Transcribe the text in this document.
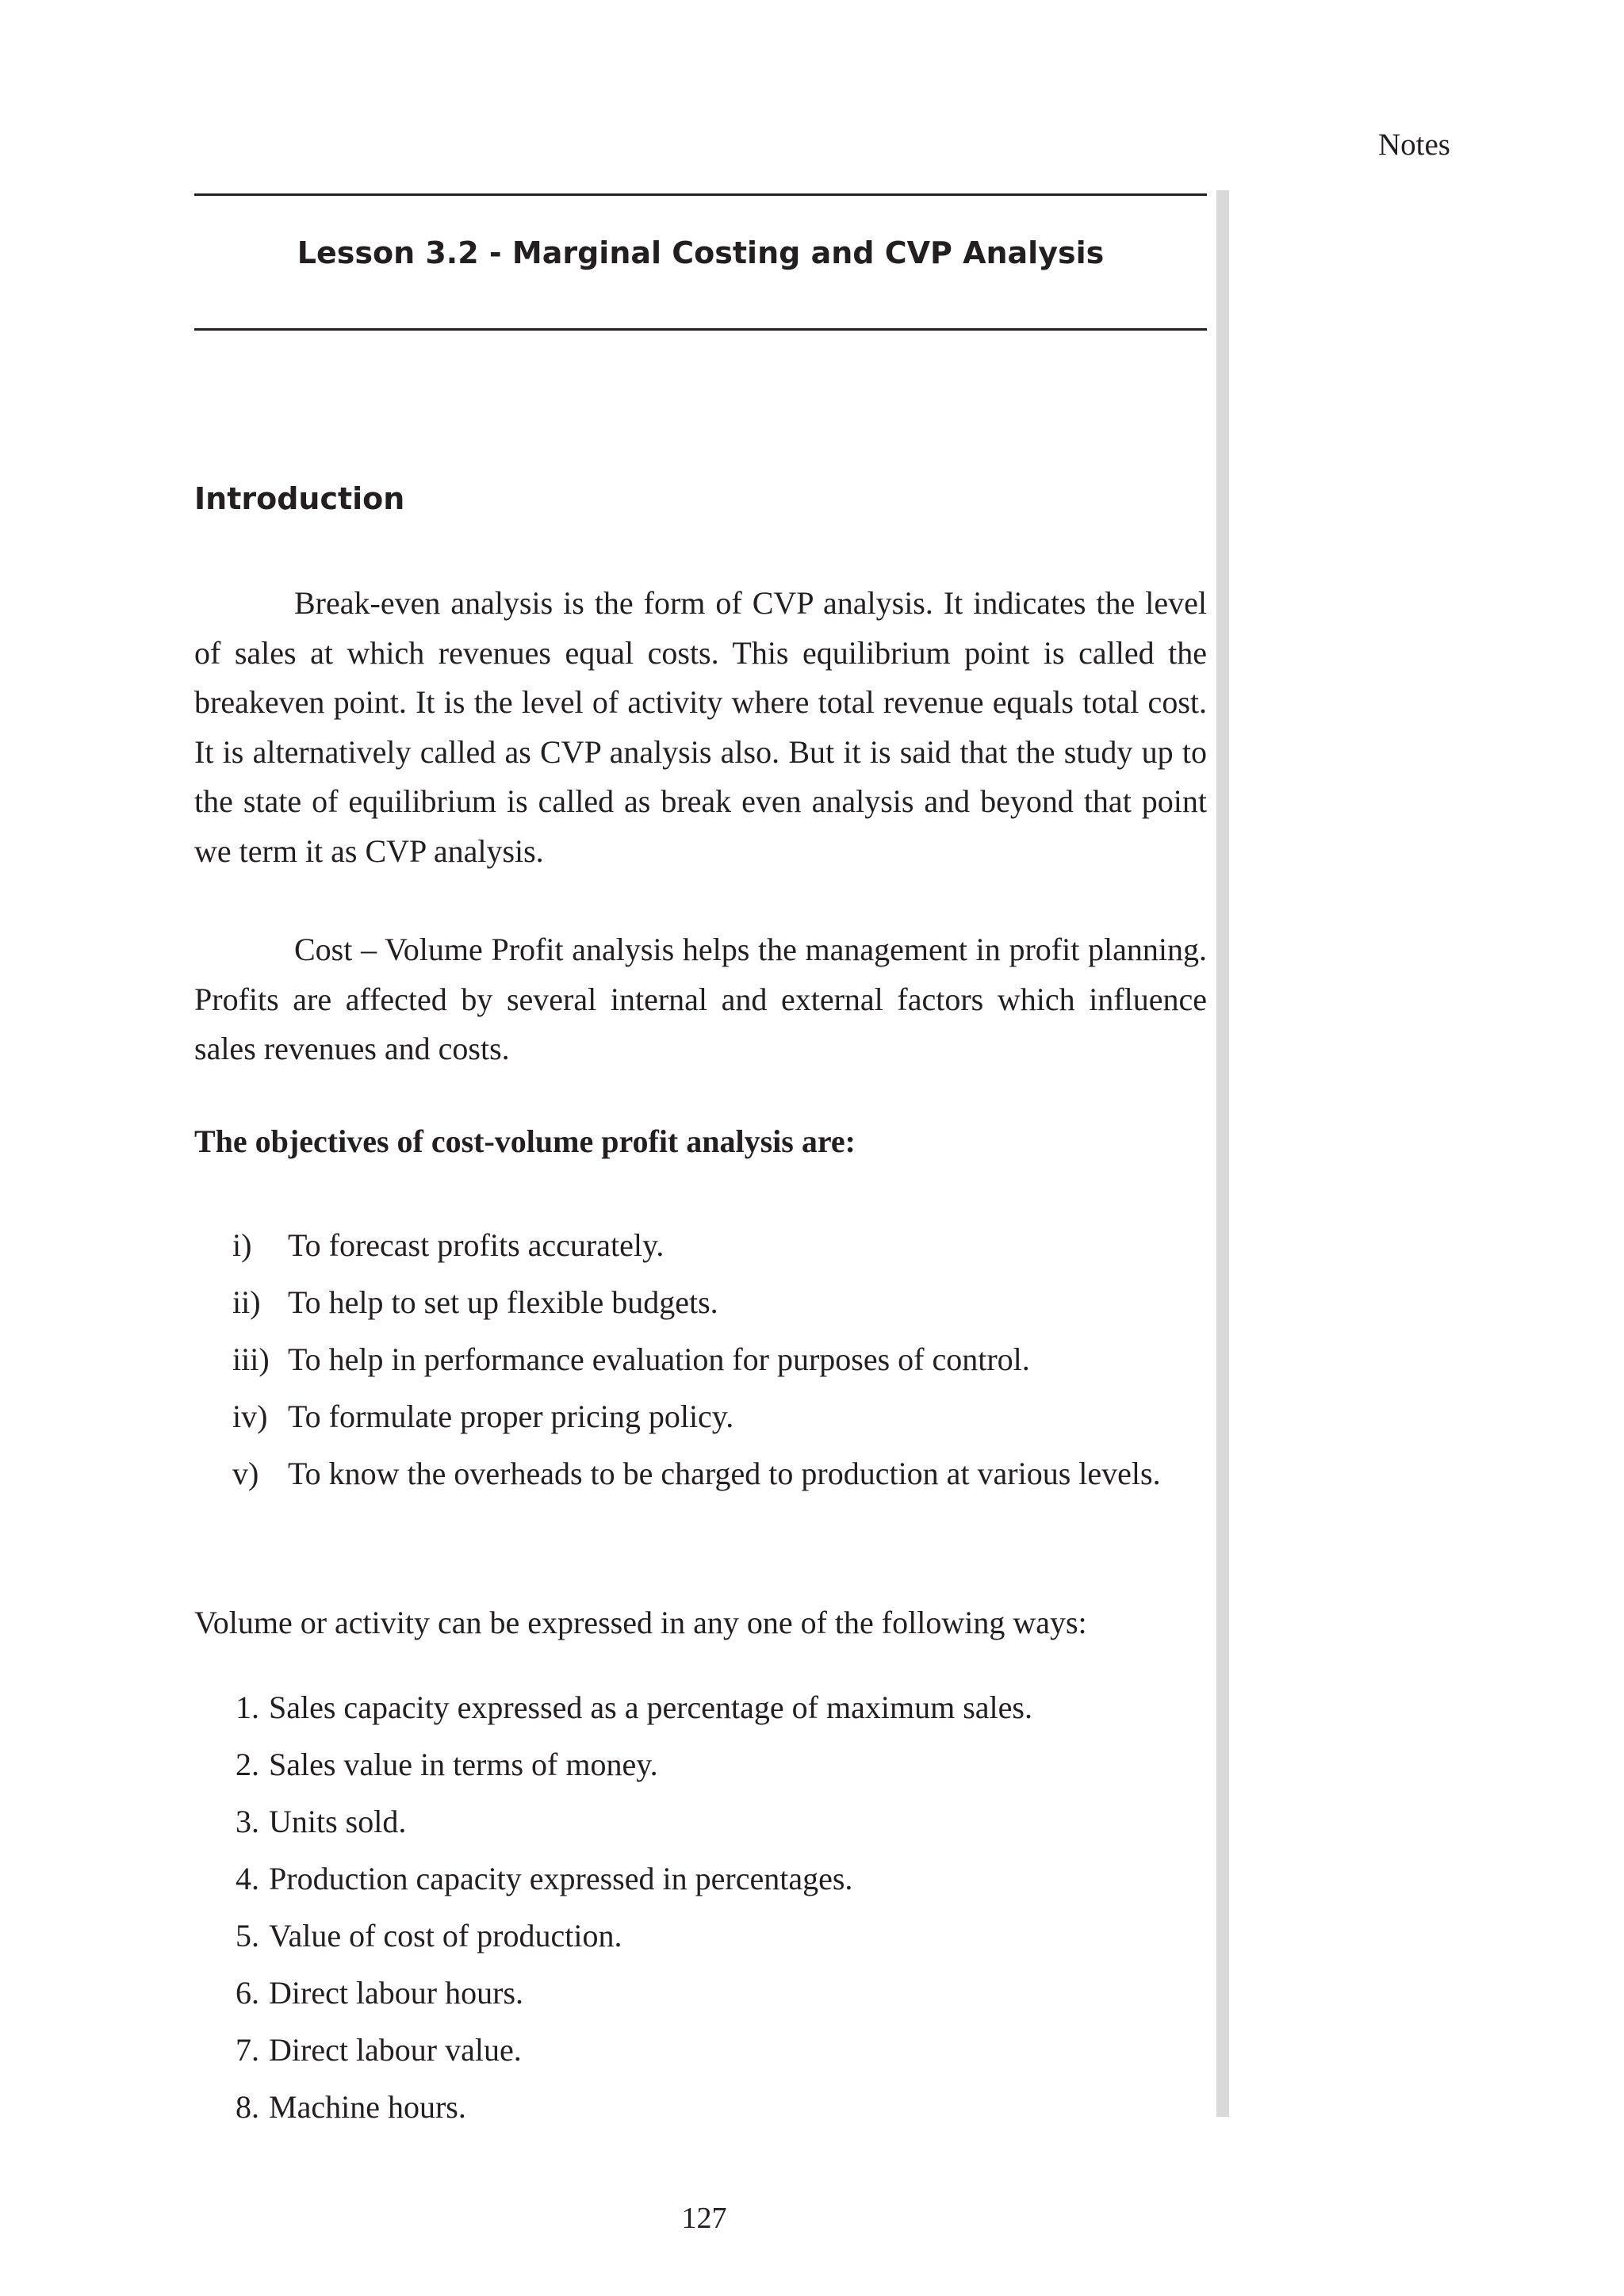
Notes
Lesson 3.2 - Marginal Costing and CVP Analysis
Introduction

Break-even analysis is the form of CVP analysis. It indicates the level of sales at which revenues equal costs. This equilibrium point is called the breakeven point. It is the level of activity where total revenue equals total cost. It is alternatively called as CVP analysis also. But it is said that the study up to the state of equilibrium is called as break even analysis and beyond that point we term it as CVP analysis.

Cost – Volume Profit analysis helps the management in profit planning. Profits are affected by several internal and external factors which influence sales revenues and costs.

The objectives of cost-volume profit analysis are:
i) To forecast profits accurately.
ii) To help to set up flexible budgets.
iii) To help in performance evaluation for purposes of control.
iv) To formulate proper pricing policy.
v) To know the overheads to be charged to production at various levels.
Volume or activity can be expressed in any one of the following ways:
1. Sales capacity expressed as a percentage of maximum sales.
2. Sales value in terms of money.
3. Units sold.
4. Production capacity expressed in percentages.
5. Value of cost of production.
6. Direct labour hours.
7. Direct labour value.
8. Machine hours.
127
